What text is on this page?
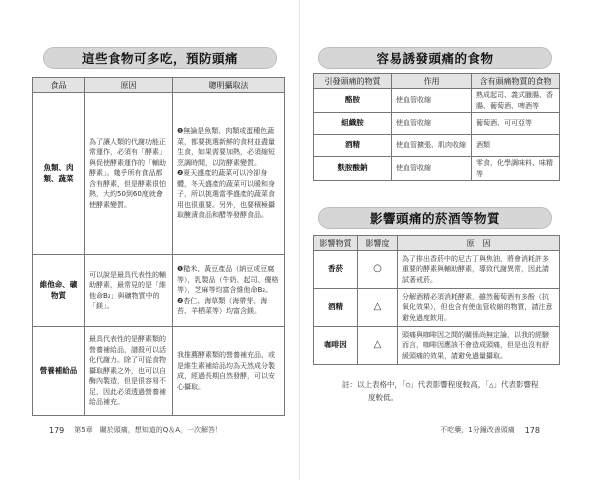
這些食物可多吃，預防頭痛
食品	原因	聰明攝取法
魚類、肉類、蔬菜	為了讓人類的代謝功能正常運作，必須有「酵素」與促使酵素運作的「輔助酵素」。幾乎所有食品都含有酵素，但是酵素很怕熱，大約50到60度就會使酵素變質。	❶無論是魚類、肉類或蛋種色蔬菜，都要挑選新鮮的食材並盡量生食，如果需要加熱，必須縮短烹調時間，以防酵素變質。
❷夏天盛產的蔬菜可以冷卻身體，冬天盛產的蔬菜可以暖和身子，所以挑選當季盛產的蔬菜食用也很重要。另外，也要積極攝取醃漬食品和醋等發酵食品。

維他命、礦物質	可以說是最具代表性的輔助酵素，最常見的是「維他命B₂」與礦物質中的「鎂」。	❶糙米、黃豆產品（納豆或豆腐等），乳製品（牛奶、起司、優格等），芝麻等均富含維他命B₂。
❷杏仁、海草類（海帶芽、海苔、羊栖菜等）均富含鎂。

營養補給品	最具代表性的是酵素類的營養補給品，譜殺可以活化代謝力。除了可從食物攝取酵素之外，也可以自酶內製造，但是很容易不足，因此必須透過營養補給品補充。	我推薦酵素類的營養補充品，或是維生素補給品均為天然成分製成，經過長期自然發酵，可以安心攝取。
179 第5章　關於頭痛，想知道的Q＆A，一次解答！
容易誘發頭痛的食物
引發頭痛的物質	作用	含有頭痛物質的食物
酪胺	使血管收縮	熟成起司、義式臘腸、香腸、葡萄酒、啤酒等
組織胺	使血管收縮	葡萄酒、可可亞等
酒精	使血管擴張、肌肉收縮	酒類
麩胺酸鈉	使血管收縮	零食、化學調味料、味精等
影響頭痛的菸酒等物質
影響物質	影響度	原　因
香菸	○	為了排出香菸中的尼古丁與焦油，將會消耗許多重要的酵素與輔助酵素，導致代謝異常，因此請試著戒菸。
酒精	△	分解酒精必須消耗酵素，雖然葡萄酒有多酚（抗氧化效果），但也含有使血管收縮的物質，請注意避免過度飲用。
咖啡因	△	頭痛與咖啡因之間的關係尚無定論，以我的經驗而言，咖啡因應該不會造成頭痛，但是也沒有舒緩頭痛的效果，請避免過量攝取。
註：以上表格中，「○」代表影響程度較高，「△」代表影響程
度較低。
不吃藥，1分鐘改善頭痛 178
